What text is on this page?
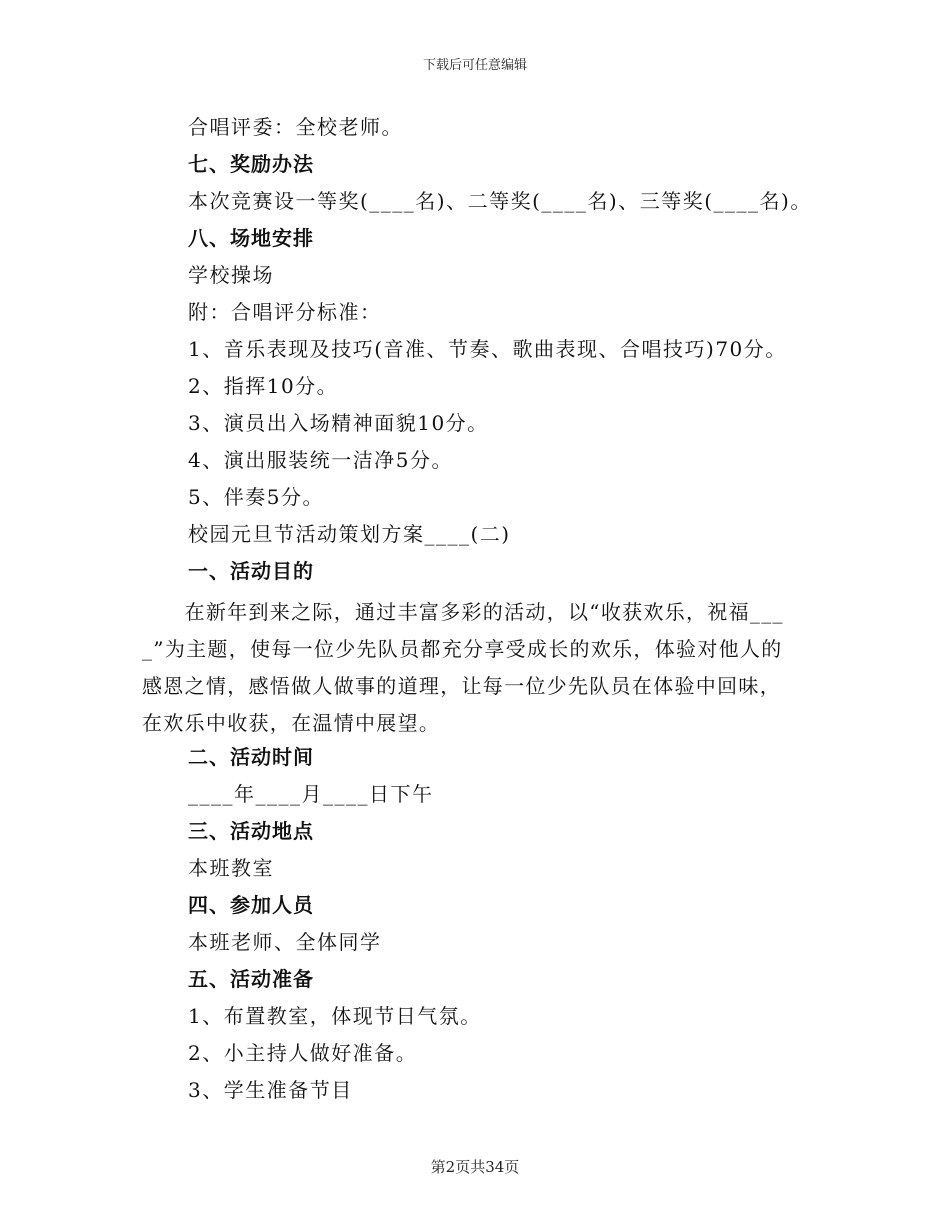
下载后可任意编辑
合唱评委：全校老师。
七、奖励办法
本次竞赛设一等奖(____名)、二等奖(____名)、三等奖(____名)。
八、场地安排
学校操场
附：合唱评分标准：
1、音乐表现及技巧(音准、节奏、歌曲表现、合唱技巧)70分。
2、指挥10分。
3、演员出入场精神面貌10分。
4、演出服装统一洁净5分。
5、伴奏5分。
校园元旦节活动策划方案____(二)
一、活动目的
　　在新年到来之际，通过丰富多彩的活动，以“收获欢乐，祝福___
_”为主题，使每一位少先队员都充分享受成长的欢乐，体验对他人的
感恩之情，感悟做人做事的道理，让每一位少先队员在体验中回味，
在欢乐中收获，在温情中展望。
二、活动时间
____年____月____日下午
三、活动地点
本班教室
四、参加人员
本班老师、全体同学
五、活动准备
1、布置教室，体现节日气氛。
2、小主持人做好准备。
3、学生准备节目
第2页共34页
